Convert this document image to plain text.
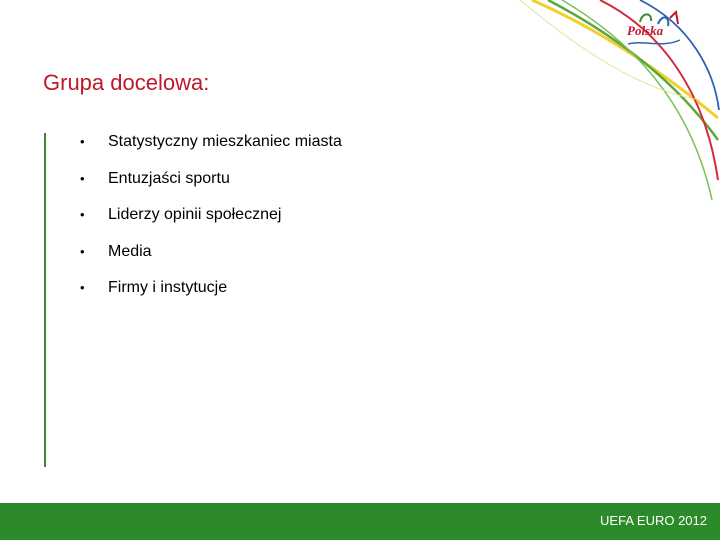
Polska
Grupa docelowa:
• Statystyczny mieszkaniec miasta
• Entuzjaści sportu
• Liderzy opinii społecznej
• Media
• Firmy i instytucje
UEFA EURO 2012
